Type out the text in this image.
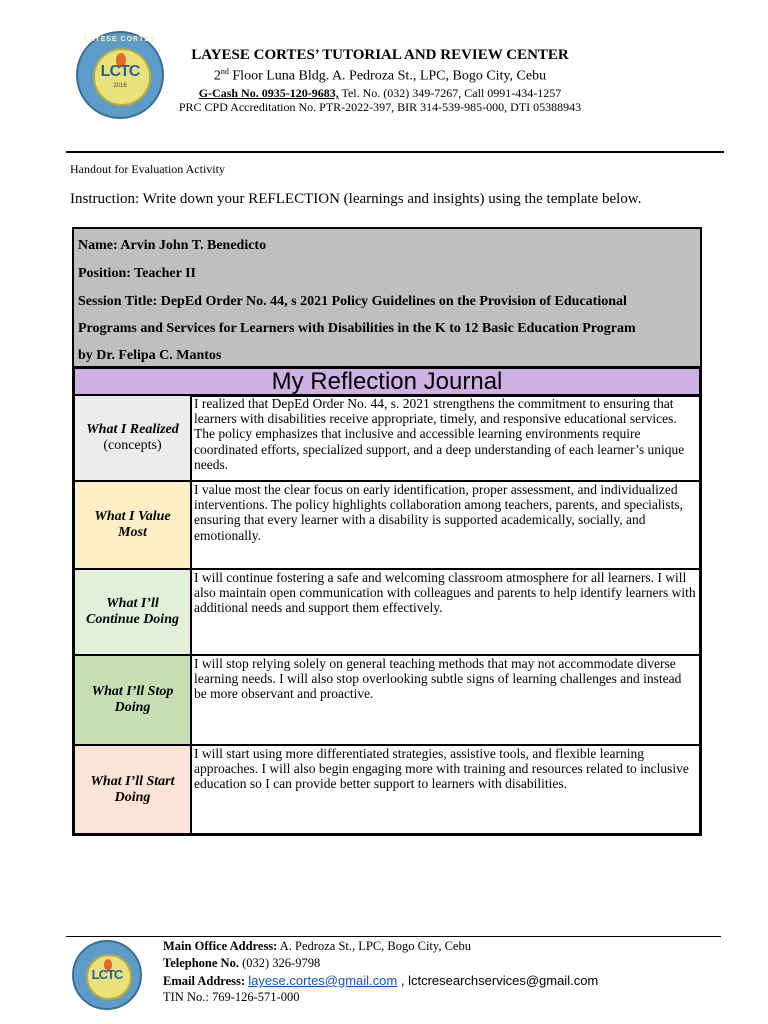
LAYESE CORTES
LCTC
2016
LAYESE CORTES’ TUTORIAL AND REVIEW CENTER
2nd Floor Luna Bldg. A. Pedroza St., LPC, Bogo City, Cebu
G-Cash No. 0935-120-9683, Tel. No. (032) 349-7267, Call 0991-434-1257
PRC CPD Accreditation No. PTR-2022-397, BIR 314-539-985-000, DTI 05388943
Handout for Evaluation Activity
Instruction: Write down your REFLECTION (learnings and insights) using the template below.
Name: Arvin John T. Benedicto
Position: Teacher II
Session Title: DepEd Order No. 44, s 2021 Policy Guidelines on the Provision of Educational
Programs and Services for Learners with Disabilities in the K to 12 Basic Education Program
by Dr. Felipa C. Mantos
My Reflection Journal
What I Realized
(concepts)
I realized that DepEd Order No. 44, s. 2021 strengthens the commitment to ensuring that learners with disabilities receive appropriate, timely, and responsive educational services. The policy emphasizes that inclusive and accessible learning environments require coordinated efforts, specialized support, and a deep understanding of each learner’s unique needs.
What I Value Most
I value most the clear focus on early identification, proper assessment, and individualized interventions. The policy highlights collaboration among teachers, parents, and specialists, ensuring that every learner with a disability is supported academically, socially, and emotionally.
What I’ll Continue Doing
I will continue fostering a safe and welcoming classroom atmosphere for all learners. I will also maintain open communication with colleagues and parents to help identify learners with additional needs and support them effectively.
What I’ll Stop Doing
I will stop relying solely on general teaching methods that may not accommodate diverse learning needs. I will also stop overlooking subtle signs of learning challenges and instead be more observant and proactive.
What I’ll Start Doing
I will start using more differentiated strategies, assistive tools, and flexible learning approaches. I will also begin engaging more with training and resources related to inclusive education so I can provide better support to learners with disabilities.
LCTC
Main Office Address: A. Pedroza St., LPC, Bogo City, Cebu
Telephone No. (032) 326-9798
Email Address: layese.cortes@gmail.com , lctcresearchservices@gmail.com
TIN No.: 769-126-571-000
